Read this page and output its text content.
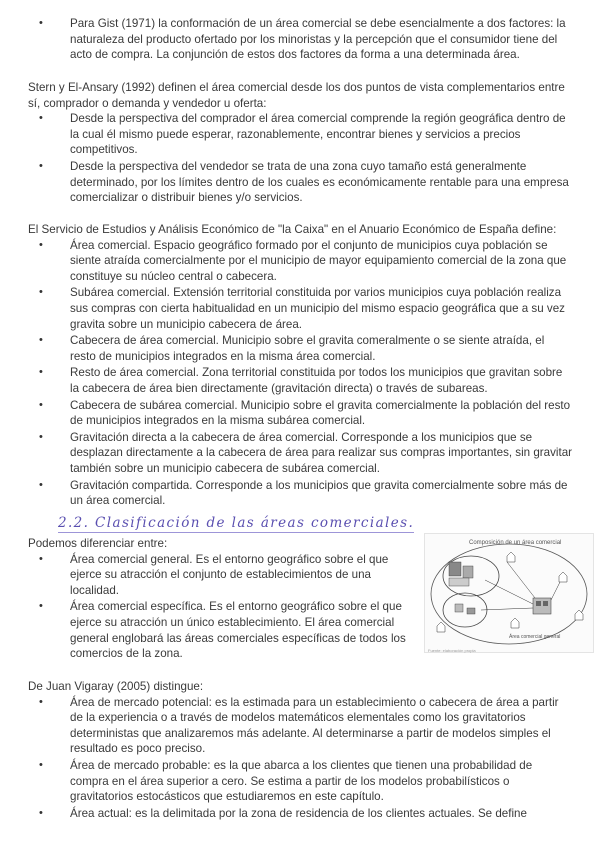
• Para Gist (1971) la conformación de un área comercial se debe esencialmente a dos factores: la naturaleza del producto ofertado por los minoristas y la percepción que el consumidor tiene del acto de compra. La conjunción de estos dos factores da forma a una determinada área.

Stern y El-Ansary (1992) definen el área comercial desde los dos puntos de vista complementarios entre sí, comprador o demanda y vendedor u oferta:

• Desde la perspectiva del comprador el área comercial comprende la región geográfica dentro de la cual él mismo puede esperar, razonablemente, encontrar bienes y servicios a precios competitivos.
• Desde la perspectiva del vendedor se trata de una zona cuyo tamaño está generalmente determinado, por los límites dentro de los cuales es económicamente rentable para una empresa comercializar o distribuir bienes y/o servicios.

El Servicio de Estudios y Análisis Económico de "la Caixa" en el Anuario Económico de España define:

• Área comercial. Espacio geográfico formado por el conjunto de municipios cuya población se siente atraída comercialmente por el municipio de mayor equipamiento comercial de la zona que constituye su núcleo central o cabecera.
• Subárea comercial. Extensión territorial constituida por varios municipios cuya población realiza sus compras con cierta habitualidad en un municipio del mismo espacio geográfica que a su vez gravita sobre un municipio cabecera de área.
• Cabecera de área comercial. Municipio sobre el gravita comeralmente o se siente atraída, el resto de municipios integrados en la misma área comercial.
• Resto de área comercial. Zona territorial constituida por todos los municipios que gravitan sobre la cabecera de área bien directamente (gravitación directa) o través de subareas.
• Cabecera de subárea comercial. Municipio sobre el gravita comercialmente la población del resto de municipios integrados en la misma subárea comercial.
• Gravitación directa a la cabecera de área comercial. Corresponde a los municipios que se desplazan directamente a la cabecera de área para realizar sus compras importantes, sin gravitar también sobre un municipio cabecera de subárea comercial.
• Gravitación compartida. Corresponde a los municipios que gravita comercialmente sobre más de un área comercial.
2.2. Clasificación de las áreas comerciales.

Podemos diferenciar entre:

• Área comercial general. Es el entorno geográfico sobre el que ejerce su atracción el conjunto de establecimientos de una localidad.
• Área comercial específica. Es el entorno geográfico sobre el que ejerce su atracción un único establecimiento. El área comercial general englobará las áreas comerciales específicas de todos los comercios de la zona.
Composición de un área comercial
Área comercial general
Fuente: elaboración propia

De Juan Vigaray (2005) distingue:

• Área de mercado potencial: es la estimada para un establecimiento o cabecera de área a partir de la experiencia o a través de modelos matemáticos elementales como los gravitatorios deterministas que analizaremos más adelante. Al determinarse a partir de modelos simples el resultado es poco preciso.
• Área de mercado probable: es la que abarca a los clientes que tienen una probabilidad de compra en el área superior a cero. Se estima a partir de los modelos probabilísticos o gravitatorios estocásticos que estudiaremos en este capítulo.
• Área actual: es la delimitada por la zona de residencia de los clientes actuales. Se define
